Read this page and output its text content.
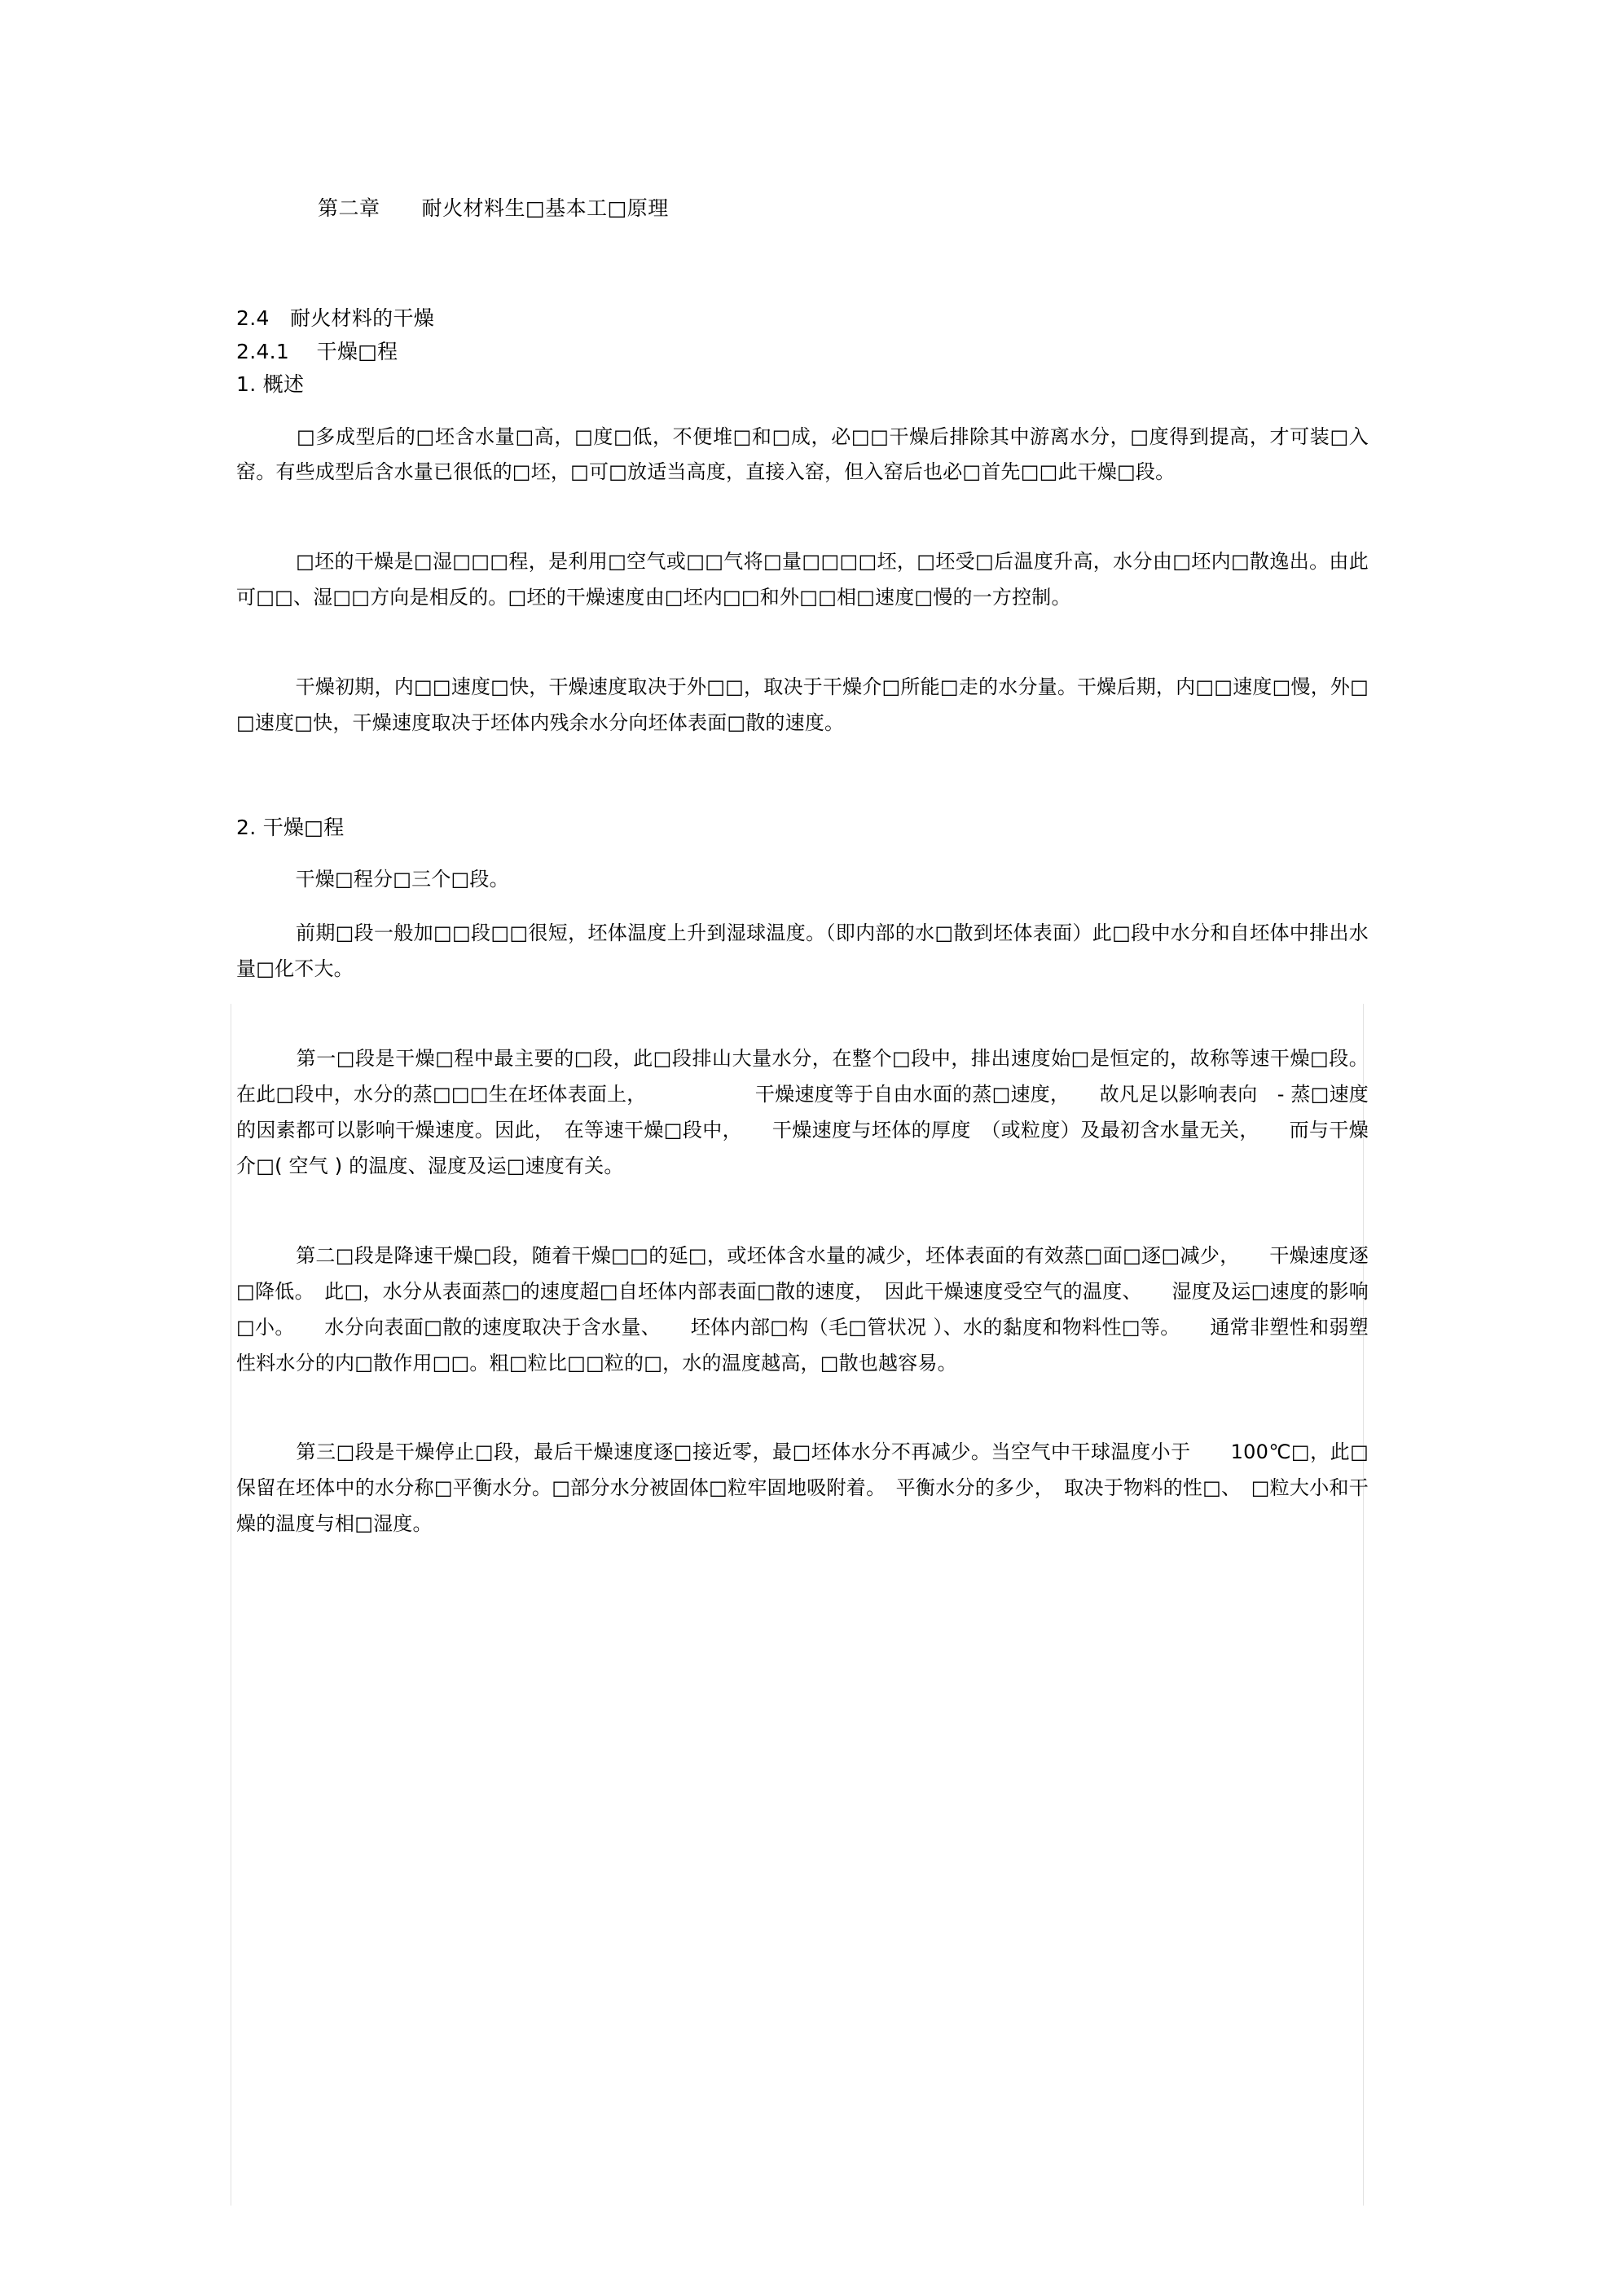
第二章　　耐火材料生□基本工□原理
2.4　耐火材料的干燥
2.4.1　 干燥□程
1. 概述
　　　□多成型后的□坯含水量□高，□度□低，不便堆□和□成，必□□干燥后排除其中游离水分，□度得到提高，才可装□入窑。有些成型后含水量已很低的□坯，□可□放适当高度，直接入窑，但入窑后也必□首先□□此干燥□段。
　　　□坯的干燥是□湿□□□程，是利用□空气或□□气将□量□□□□坯，□坯受□后温度升高，水分由□坯内□散逸出。由此可□□、湿□□方向是相反的。□坯的干燥速度由□坯内□□和外□□相□速度□慢的一方控制。
　　　干燥初期，内□□速度□快，干燥速度取决于外□□，取决于干燥介□所能□走的水分量。干燥后期，内□□速度□慢，外□□速度□快，干燥速度取决于坯体内残余水分向坯体表面□散的速度。
2. 干燥□程
　　　干燥□程分□三个□段。
　　　前期□段一般加□□段□□很短，坯体温度上升到湿球温度。（即内部的水□散到坯体表面）此□段中水分和自坯体中排出水量□化不大。
　　　第一□段是干燥□程中最主要的□段，此□段排山大量水分，在整个□段中，排出速度始□是恒定的，故称等速干燥□段。在此□段中，水分的蒸□□□生在坯体表面上，　　　　　　干燥速度等于自由水面的蒸□速度，　　故凡足以影响表向　- 蒸□速度的因素都可以影响干燥速度。因此，　在等速干燥□段中，　　干燥速度与坯体的厚度　（或粒度）及最初含水量无关，　　而与干燥介□( 空气 ) 的温度、湿度及运□速度有关。
　　　第二□段是降速干燥□段，随着干燥□□的延□，或坯体含水量的减少，坯体表面的有效蒸□面□逐□减少，　　干燥速度逐□降低。　此□，水分从表面蒸□的速度超□自坯体内部表面□散的速度，　因此干燥速度受空气的温度、　　湿度及运□速度的影响□小。　　水分向表面□散的速度取决于含水量、　　坯体内部□构（毛□管状况 ）、水的黏度和物料性□等。　　通常非塑性和弱塑性料水分的内□散作用□□。粗□粒比□□粒的□，水的温度越高，□散也越容易。
　　　第三□段是干燥停止□段，最后干燥速度逐□接近零，最□坯体水分不再减少。当空气中干球温度小于　　100℃□，此□保留在坯体中的水分称□平衡水分。□部分水分被固体□粒牢固地吸附着。　平衡水分的多少，　取决于物料的性□、　□粒大小和干燥的温度与相□湿度。
